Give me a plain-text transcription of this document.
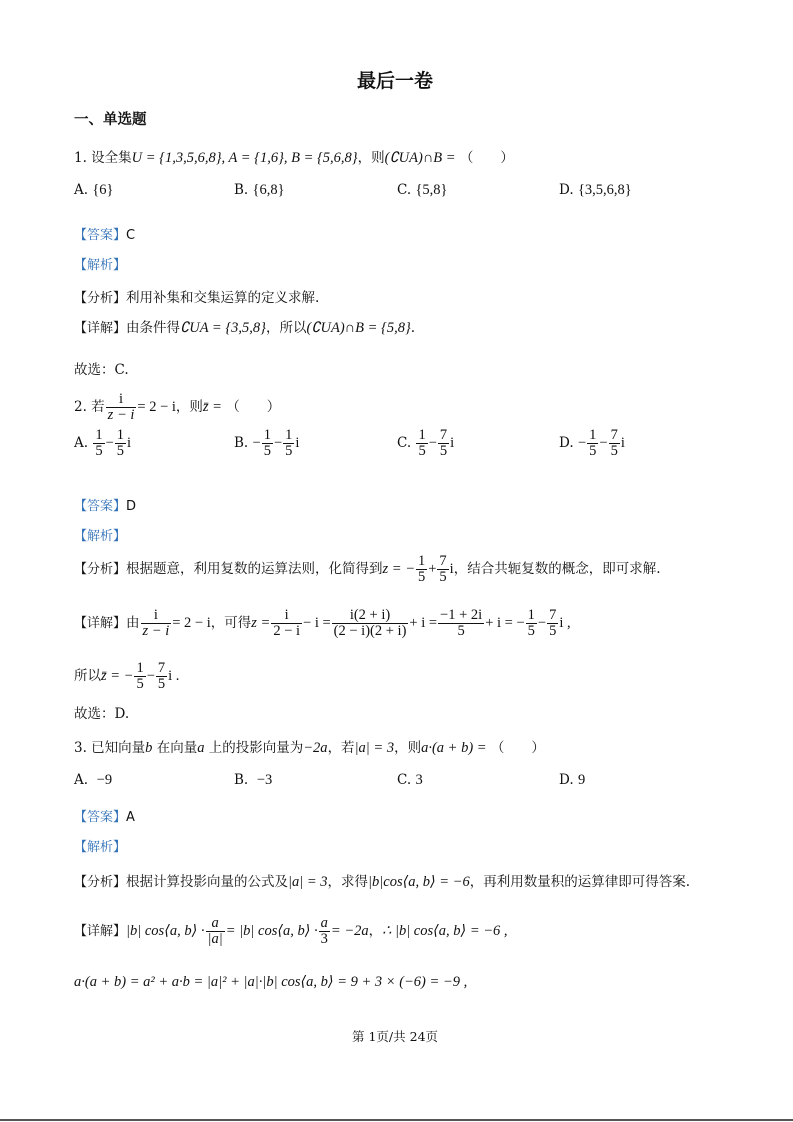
最后一卷
一、单选题
1. 设全集U = {1,3,5,6,8}, A = {1,6}, B = {5,6,8}，则(∁UA)∩B = （　　）
A. {6}	B. {6,8}	C. {5,8}	D. {3,5,6,8}
【答案】C
【解析】
【分析】利用补集和交集运算的定义求解.
【详解】由条件得∁UA = {3,5,8}，所以(∁UA)∩B = {5,8}.
故选：C.
2. 若 $\frac{i}{z - i} = 2 - i$，则z̄ = （　　）
A. $\frac{1}{5} - \frac{1}{5}$ i	B. − $\frac{1}{5} - \frac{1}{5}$ i	C. $\frac{1}{5} - \frac{7}{5}$ i	D. − $\frac{1}{5} - \frac{7}{5}$ i
【答案】D
【解析】
【分析】根据题意，利用复数的运算法则，化简得到z = − $\frac{1}{5} + \frac{7}{5}$ i，结合共轭复数的概念，即可求解.
【详解】由 $\frac{i}{z - i} = 2 - i$，可得$z = \frac{i}{2 - i} - i = \frac{i(2 + i)}{(2 - i)(2 + i)} + i = \frac{-1 + 2i}{5} + i$ = − $\frac{1}{5} - \frac{7}{5}$ i ,
所以z̄ = − $\frac{1}{5} - \frac{7}{5}$ i .
故选：D.
3. 已知向量b 在向量a 上的投影向量为−2a，若|a| = 3，则a·(a + b) = （　　）
A. −9	B. −3	C. 3	D. 9
【答案】A
【解析】
【分析】根据计算投影向量的公式及|a| = 3，求得|b|cos⟨a, b⟩ = −6，再利用数量积的运算律即可得答案.
【详解】|b| cos⟨a, b⟩ · $\frac{a}{|a|} = |b|$ cos⟨a, b⟩ · $\frac{a}{3} = -2a$，∴ |b| cos⟨a, b⟩ = −6 ,
a·(a + b) = a² + a·b = |a|² + |a|·|b| cos⟨a, b⟩ = 9 + 3 × (−6) = −9 ,
第 1页/共 24页
